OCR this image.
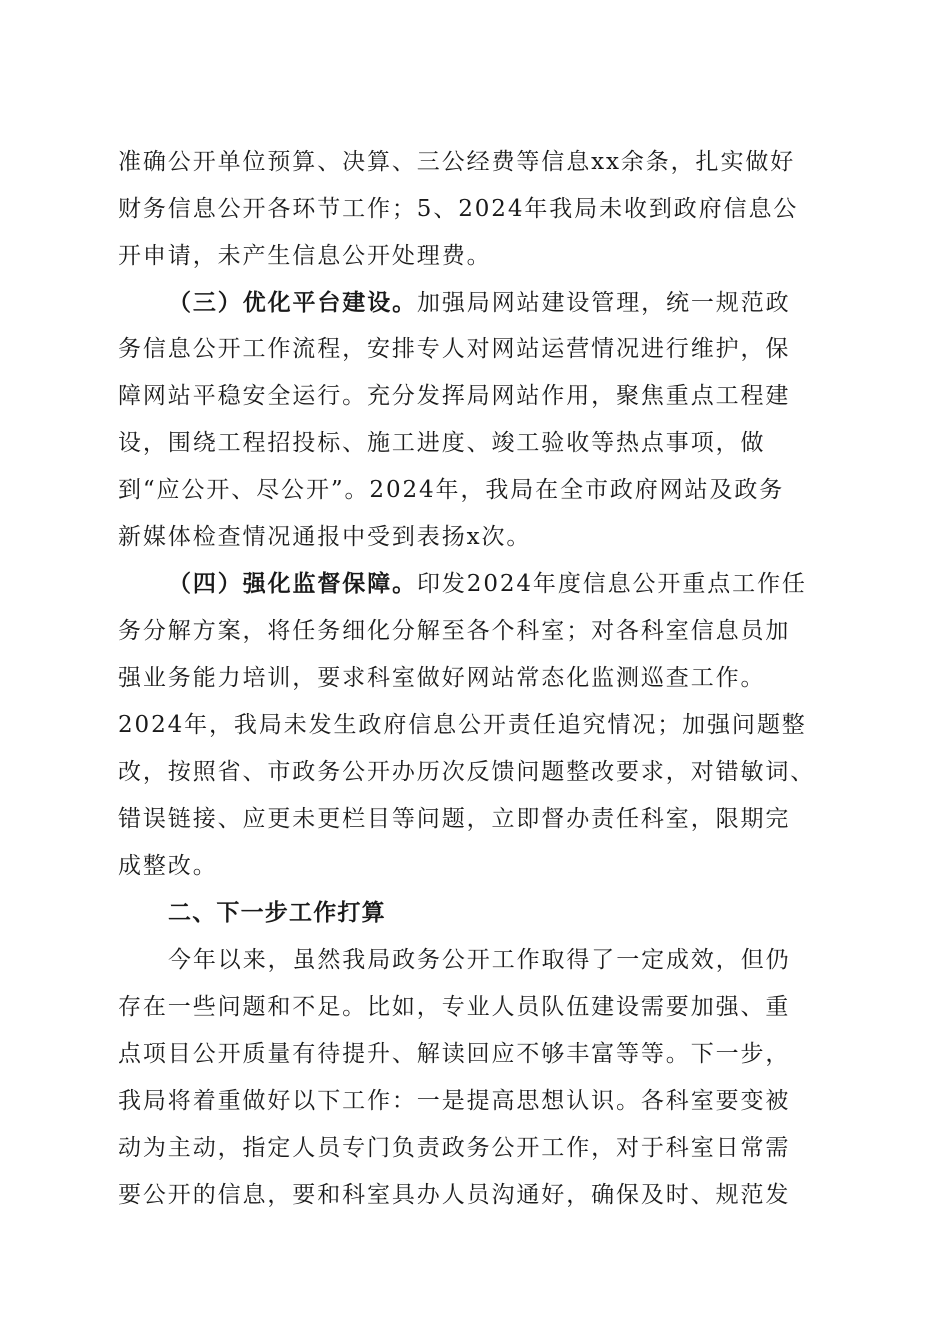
准确公开单位预算、决算、三公经费等信息xx余条，扎实做好
财务信息公开各环节工作；5、2024年我局未收到政府信息公
开申请，未产生信息公开处理费。
（三）优化平台建设。加强局网站建设管理，统一规范政
务信息公开工作流程，安排专人对网站运营情况进行维护，保
障网站平稳安全运行。充分发挥局网站作用，聚焦重点工程建
设，围绕工程招投标、施工进度、竣工验收等热点事项，做
到“应公开、尽公开”。2024年，我局在全市政府网站及政务
新媒体检查情况通报中受到表扬x次。
（四）强化监督保障。印发2024年度信息公开重点工作任
务分解方案，将任务细化分解至各个科室；对各科室信息员加
强业务能力培训，要求科室做好网站常态化监测巡查工作。
2024年，我局未发生政府信息公开责任追究情况；加强问题整
改，按照省、市政务公开办历次反馈问题整改要求，对错敏词、
错误链接、应更未更栏目等问题，立即督办责任科室，限期完
成整改。
二、下一步工作打算
今年以来，虽然我局政务公开工作取得了一定成效，但仍
存在一些问题和不足。比如，专业人员队伍建设需要加强、重
点项目公开质量有待提升、解读回应不够丰富等等。下一步，
我局将着重做好以下工作：一是提高思想认识。各科室要变被
动为主动，指定人员专门负责政务公开工作，对于科室日常需
要公开的信息，要和科室具办人员沟通好，确保及时、规范发
